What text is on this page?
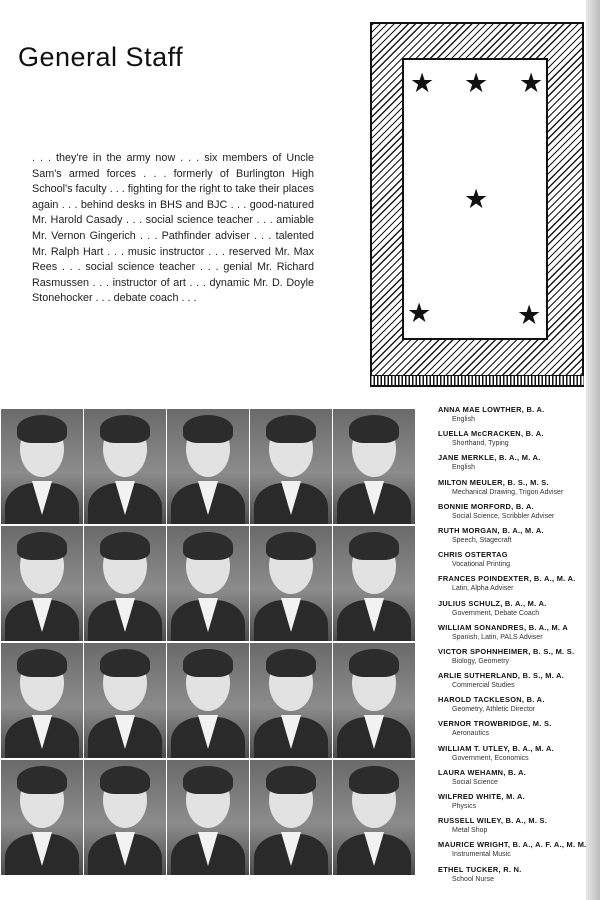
General Staff

. . . they're in the army now . . . six members of Uncle Sam's armed forces . . . formerly of Burlington High School's faculty . . . fighting for the right to take their places again . . . behind desks in BHS and BJC . . . good-natured Mr. Harold Casady . . . social science teacher . . . amiable Mr. Vernon Gingerich . . . Pathfinder adviser . . . talented Mr. Ralph Hart . . . music instructor . . . reserved Mr. Max Rees . . . social science teacher . . . genial Mr. Richard Rasmussen . . . instructor of art . . . dynamic Mr. D. Doyle Stonehocker . . . debate coach . . .

★ ★ ★
★
★	★
ANNA MAE LOWTHER, B. A.
English
LUELLA McCRACKEN, B. A.
Shorthand, Typing
JANE MERKLE, B. A., M. A.
English
MILTON MEULER, B. S., M. S.
Mechanical Drawing, Trigon Adviser
BONNIE MORFORD, B. A.
Social Science, Scribbler Adviser
RUTH MORGAN, B. A., M. A.
Speech, Stagecraft
CHRIS OSTERTAG
Vocational Printing
FRANCES POINDEXTER, B. A., M. A.
Latin, Alpha Adviser
JULIUS SCHULZ, B. A., M. A.
Government, Debate Coach
WILLIAM SONANDRES, B. A., M. A
Spanish, Latin, PALS Adviser
VICTOR SPOHNHEIMER, B. S., M. S.
Biology, Geometry
ARLIE SUTHERLAND, B. S., M. A.
Commercial Studies
HAROLD TACKLESON, B. A.
Geometry, Athletic Director
VERNOR TROWBRIDGE, M. S.
Aeronautics
WILLIAM T. UTLEY, B. A., M. A.
Government, Economics
LAURA WEHAMN, B. A.
Social Science
WILFRED WHITE, M. A.
Physics
RUSSELL WILEY, B. A., M. S.
Metal Shop
MAURICE WRIGHT, B. A., A. F. A., M. M.
Instrumental Music
ETHEL TUCKER, R. N.
School Nurse
